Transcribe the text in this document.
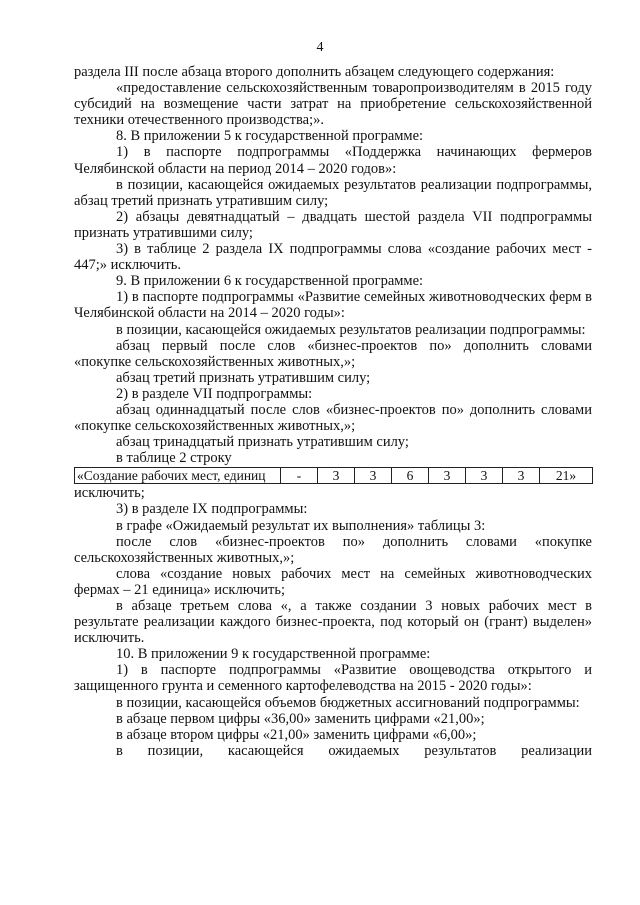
4

раздела III после абзаца второго дополнить абзацем следующего содержания:

«предоставление сельскохозяйственным товаропроизводителям в 2015 году субсидий на возмещение части затрат на приобретение сельскохозяйственной техники отечественного производства;».

8. В приложении 5 к государственной программе:

1) в паспорте подпрограммы «Поддержка начинающих фермеров Челябинской области на период 2014 – 2020 годов»:

в позиции, касающейся ожидаемых результатов реализации подпрограммы, абзац третий признать утратившим силу;

2) абзацы девятнадцатый – двадцать шестой раздела VII подпрограммы признать утратившими силу;

3) в таблице 2 раздела IX подпрограммы слова «создание рабочих мест - 447;» исключить.

9. В приложении 6 к государственной программе:

1) в паспорте подпрограммы «Развитие семейных животноводческих ферм в Челябинской области на 2014 – 2020 годы»:

в позиции, касающейся ожидаемых результатов реализации подпрограммы:

абзац первый после слов «бизнес-проектов по» дополнить словами «покупке сельскохозяйственных животных,»;

абзац третий признать утратившим силу;

2) в разделе VII подпрограммы:

абзац одиннадцатый после слов «бизнес-проектов по» дополнить словами «покупке сельскохозяйственных животных,»;

абзац тринадцатый признать утратившим силу;

в таблице 2 строку

«Создание рабочих мест, единиц	-	3	3	6	3	3	3	21»

исключить;

3) в разделе IX подпрограммы:

в графе «Ожидаемый результат их выполнения» таблицы 3:

после слов «бизнес-проектов по» дополнить словами «покупке сельскохозяйственных животных,»;

слова «создание новых рабочих мест на семейных животноводческих фермах – 21 единица» исключить;

в абзаце третьем слова «, а также создании 3 новых рабочих мест в результате реализации каждого бизнес-проекта, под который он (грант) выделен» исключить.

10. В приложении 9 к государственной программе:

1) в паспорте подпрограммы «Развитие овощеводства открытого и защищенного грунта и семенного картофелеводства на 2015 - 2020 годы»:

в позиции, касающейся объемов бюджетных ассигнований подпрограммы:

в абзаце первом цифры «36,00» заменить цифрами «21,00»;

в абзаце втором цифры «21,00» заменить цифрами «6,00»;

в позиции, касающейся ожидаемых результатов реализации
